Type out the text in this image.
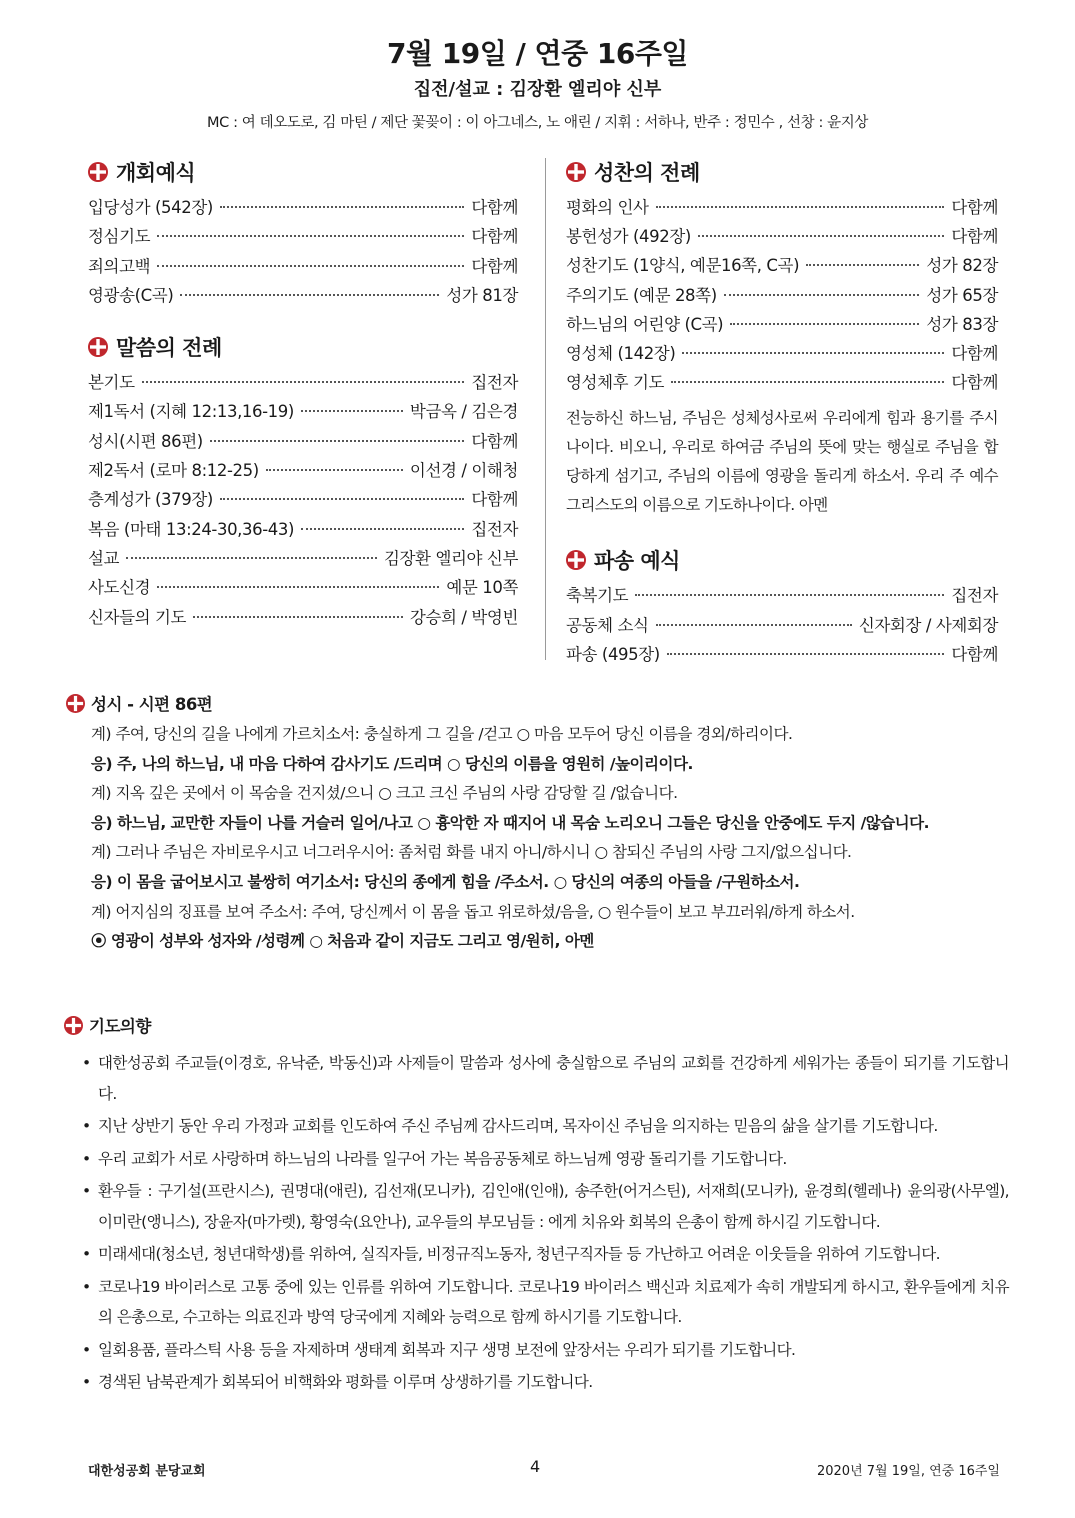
7월 19일 / 연중 16주일
집전/설교 : 김장환 엘리야 신부
MC : 여 데오도로, 김 마틴 / 제단 꽃꽂이 : 이 아그네스, 노 애린 / 지휘 : 서하나, 반주 : 정민수 , 선창 : 윤지상
개회예식
입당성가 (542장)	다함께
정심기도	다함께
죄의고백	다함께
영광송(C곡)	성가 81장
말씀의 전례
본기도	집전자
제1독서 (지혜 12:13,16-19)	박금옥 / 김은경
성시(시편 86편)	다함께
제2독서 (로마 8:12-25)	이선경 / 이해청
층계성가 (379장)	다함께
복음 (마태 13:24-30,36-43)	집전자
설교	김장환 엘리야 신부
사도신경	예문 10쪽
신자들의 기도	강승희 / 박영빈
성찬의 전례
평화의 인사	다함께
봉헌성가 (492장)	다함께
성찬기도 (1양식, 예문16쪽, C곡)	성가 82장
주의기도 (예문 28쪽)	성가 65장
하느님의 어린양 (C곡)	성가 83장
영성체 (142장)	다함께
영성체후 기도	다함께
전능하신 하느님, 주님은 성체성사로써 우리에게 힘과 용기를 주시나이다. 비오니, 우리로 하여금 주님의 뜻에 맞는 행실로 주님을 합당하게 섬기고, 주님의 이름에 영광을 돌리게 하소서. 우리 주 예수 그리스도의 이름으로 기도하나이다. 아멘
파송 예식
축복기도	집전자
공동체 소식	신자회장 / 사제회장
파송 (495장)	다함께
성시 - 시편 86편
계) 주여, 당신의 길을 나에게 가르치소서: 충실하게 그 길을 /걷고 ○ 마음 모두어 당신 이름을 경외/하리이다.
응) 주, 나의 하느님, 내 마음 다하여 감사기도 /드리며 ○ 당신의 이름을 영원히 /높이리이다.
계) 지옥 깊은 곳에서 이 목숨을 건지셨/으니 ○ 크고 크신 주님의 사랑 감당할 길 /없습니다.
응) 하느님, 교만한 자들이 나를 거슬러 일어/나고 ○ 흉악한 자 때지어 내 목숨 노리오니 그들은 당신을 안중에도 두지 /않습니다.
계) 그러나 주님은 자비로우시고 너그러우시어: 좀처럼 화를 내지 아니/하시니 ○ 참되신 주님의 사랑 그지/없으십니다.
응) 이 몸을 굽어보시고 불쌍히 여기소서: 당신의 종에게 힘을 /주소서. ○ 당신의 여종의 아들을 /구원하소서.
계) 어지심의 징표를 보여 주소서: 주여, 당신께서 이 몸을 돕고 위로하셨/음을, ○ 원수들이 보고 부끄러워/하게 하소서.
⦿ 영광이 성부와 성자와 /성령께 ○ 처음과 같이 지금도 그리고 영/원히, 아멘
기도의향
• 대한성공회 주교들(이경호, 유낙준, 박동신)과 사제들이 말씀과 성사에 충실함으로 주님의 교회를 건강하게 세워가는 종들이 되기를 기도합니다.
• 지난 상반기 동안 우리 가정과 교회를 인도하여 주신 주님께 감사드리며, 목자이신 주님을 의지하는 믿음의 삶을 살기를 기도합니다.
• 우리 교회가 서로 사랑하며 하느님의 나라를 일구어 가는 복음공동체로 하느님께 영광 돌리기를 기도합니다.
• 환우들 : 구기설(프란시스), 권명대(애린), 김선재(모니카), 김인애(인애), 송주한(어거스틴), 서재희(모니카), 윤경희(헬레나) 윤의광(사무엘), 이미란(앵니스), 장윤자(마가렛), 황영숙(요안나), 교우들의 부모님들 : 에게 치유와 회복의 은총이 함께 하시길 기도합니다.
• 미래세대(청소년, 청년대학생)를 위하여, 실직자들, 비정규직노동자, 청년구직자들 등 가난하고 어려운 이웃들을 위하여 기도합니다.
• 코로나19 바이러스로 고통 중에 있는 인류를 위하여 기도합니다. 코로나19 바이러스 백신과 치료제가 속히 개발되게 하시고, 환우들에게 치유의 은총으로, 수고하는 의료진과 방역 당국에게 지혜와 능력으로 함께 하시기를 기도합니다.
• 일회용품, 플라스틱 사용 등을 자제하며 생태계 회복과 지구 생명 보전에 앞장서는 우리가 되기를 기도합니다.
• 경색된 남북관계가 회복되어 비핵화와 평화를 이루며 상생하기를 기도합니다.
대한성공회 분당교회	4	2020년 7월 19일, 연중 16주일
